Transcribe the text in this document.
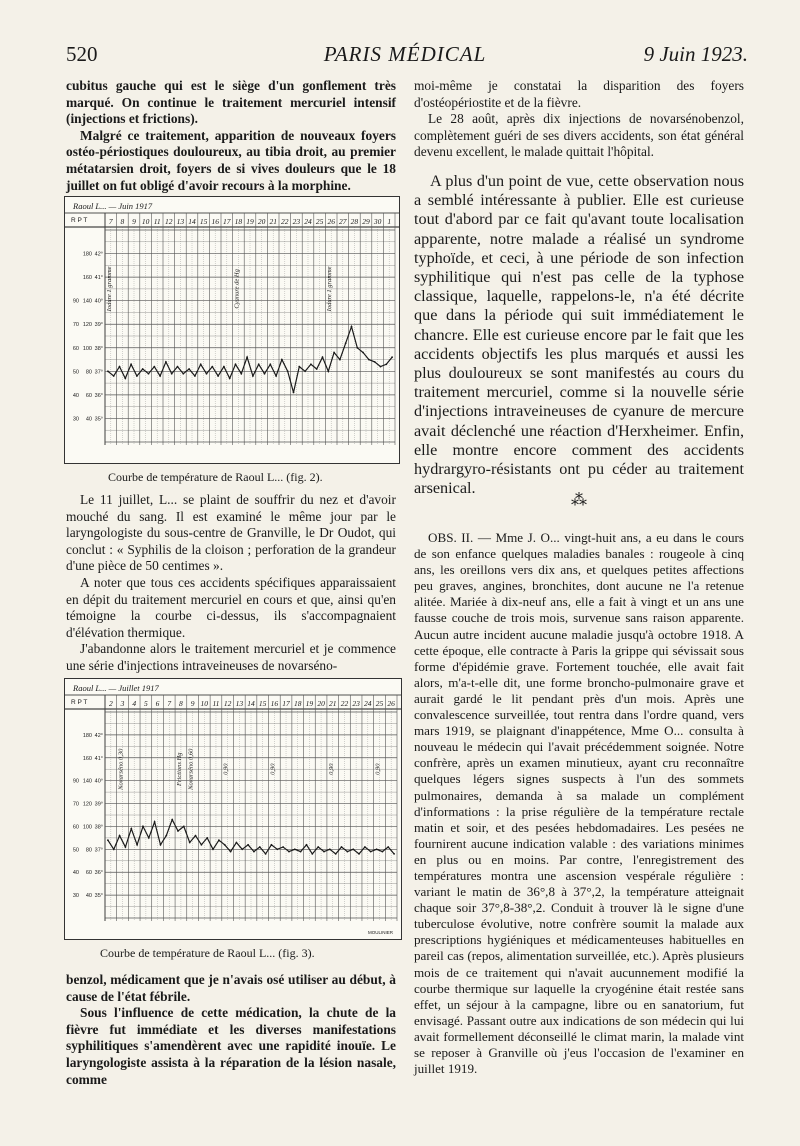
520	PARIS MÉDICAL	9 Juin 1923.

cubitus gauche qui est le siège d'un gonflement très marqué. On continue le traitement mercuriel intensif (injections et frictions).

Malgré ce traitement, apparition de nouveaux foyers ostéo-périostiques douloureux, au tibia droit, au premier métatarsien droit, foyers de si vives douleurs que le 18 juillet on fut obligé d'avoir recours à la morphine.

Raoul L... — Juin 1917
R P T	7 8 9 10 11 12 13 14 15 16 17 18 19 20 21 22 23 24 25 26 27 28 29 30 1
42°
180
41°
160
40°
140
90
39°
120
70
38°
100
60
37°
80
50
36°
60
40
35°
40
30
Iodure 1 gramme	Cyanure de Hg	Iodure 1 gramme
Courbe de température de Raoul L... (fig. 2).

Le 11 juillet, L... se plaint de souffrir du nez et d'avoir mouché du sang. Il est examiné le même jour par le laryngologiste du sous-centre de Granville, le Dr Oudot, qui conclut : « Syphilis de la cloison ; perforation de la grandeur d'une pièce de 50 centimes ».

A noter que tous ces accidents spécifiques apparaissaient en dépit du traitement mercuriel en cours et que, ainsi qu'en témoigne la courbe ci-dessus, ils s'accompagnaient d'élévation thermique.

J'abandonne alors le traitement mercuriel et je commence une série d'injections intraveineuses de novarséno-

Raoul L... — Juillet 1917
R P T	2 3 4 5 6 7 8 9 10 11 12 13 14 15 16 17 18 19 20 21 22 23 24 25 26
42°
180
41°
160
40°
140
90
39°
120
70
38°
100
60
37°
80
50
36°
60
40
35°
40
30
Novarséno 0,30	Frictions Hg Novarséno 0,60	0,90	0,90	0,90	0,90
MOULINIER
Courbe de température de Raoul L... (fig. 3).

benzol, médicament que je n'avais osé utiliser au début, à cause de l'état fébrile.

Sous l'influence de cette médication, la chute de la fièvre fut immédiate et les diverses manifestations syphilitiques s'amendèrent avec une rapidité inouïe. Le laryngologiste assista à la réparation de la lésion nasale, comme

moi-même je constatai la disparition des foyers d'ostéopériostite et de la fièvre.

Le 28 août, après dix injections de novarsénobenzol, complètement guéri de ses divers accidents, son état général devenu excellent, le malade quittait l'hôpital.

A plus d'un point de vue, cette observation nous a semblé intéressante à publier. Elle est curieuse tout d'abord par ce fait qu'avant toute localisation apparente, notre malade a réalisé un syndrome typhoïde, et ceci, à une période de son infection syphilitique qui n'est pas celle de la typhose classique, laquelle, rappelons-le, n'a été décrite que dans la période qui suit immédiatement le chancre. Elle est curieuse encore par le fait que les accidents objectifs les plus marqués et aussi les plus douloureux se sont manifestés au cours du traitement mercuriel, comme si la nouvelle série d'injections intraveineuses de cyanure de mercure avait déclenché une réaction d'Herxheimer. Enfin, elle montre encore comment des accidents hydrargyro-résistants ont pu céder au traitement arsenical.

⁂

OBS. II. — Mme J. O... vingt-huit ans, a eu dans le cours de son enfance quelques maladies banales : rougeole à cinq ans, les oreillons vers dix ans, et quelques petites affections peu graves, angines, bronchites, dont aucune ne l'a retenue alitée. Mariée à dix-neuf ans, elle a fait à vingt et un ans une fausse couche de trois mois, survenue sans raison apparente. Aucun autre incident aucune maladie jusqu'à octobre 1918. A cette époque, elle contracte à Paris la grippe qui sévissait sous forme d'épidémie grave. Fortement touchée, elle avait fait alors, m'a-t-elle dit, une forme broncho-pulmonaire grave et aurait gardé le lit pendant près d'un mois. Après une convalescence surveillée, tout rentra dans l'ordre quand, vers mars 1919, se plaignant d'inappétence, Mme O... consulta à nouveau le médecin qui l'avait précédemment soignée. Notre confrère, après un examen minutieux, ayant cru reconnaître quelques légers signes suspects à l'un des sommets pulmonaires, demanda à sa malade un complément d'informations : la prise régulière de la température rectale matin et soir, et des pesées hebdomadaires. Les pesées ne fournirent aucune indication valable : des variations minimes en plus ou en moins. Par contre, l'enregistrement des températures montra une ascension vespérale régulière : variant le matin de 36°,8 à 37°,2, la température atteignait chaque soir 37°,8-38°,2. Conduit à trouver là le signe d'une tuberculose évolutive, notre confrère soumit la malade aux prescriptions hygiéniques et médicamenteuses habituelles en pareil cas (repos, alimentation surveillée, etc.). Après plusieurs mois de ce traitement qui n'avait aucunnement modifié la courbe thermique sur laquelle la cryogénine était restée sans effet, un séjour à la campagne, libre ou en sanatorium, fut envisagé. Passant outre aux indications de son médecin qui lui avait formellement déconseillé le climat marin, la malade vint se reposer à Granville où j'eus l'occasion de l'examiner en juillet 1919.
